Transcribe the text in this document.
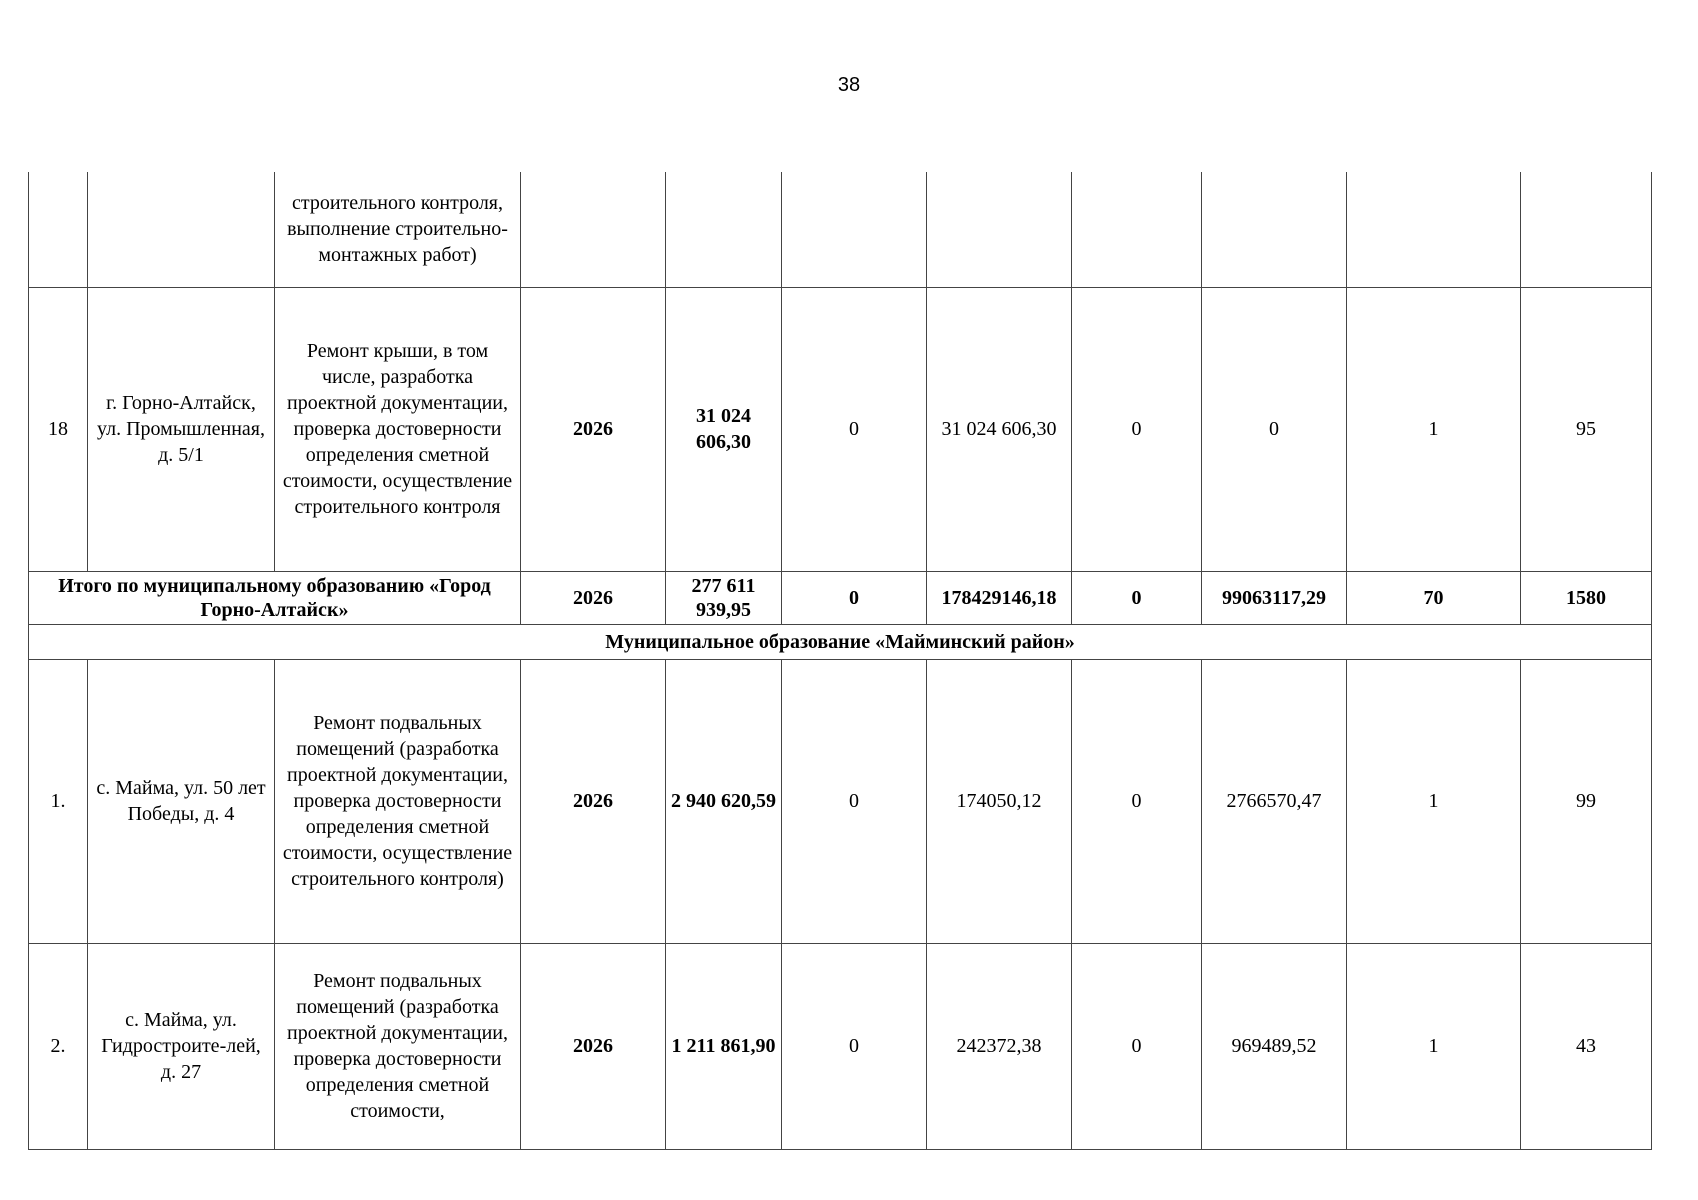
38
		строительного контроля, выполнение строительно-монтажных работ)								
18	г. Горно-Алтайск, ул. Промышленная, д. 5/1	Ремонт крыши, в том числе, разработка проектной документации, проверка достоверности определения сметной стоимости, осуществление строительного контроля	2026	31 024 606,30	0	31 024 606,30	0	0	1	95
Итого по муниципальному образованию «Город Горно-Алтайск»			2026	277 611 939,95	0	178429146,18	0	99063117,29	70	1580
Муниципальное образование «Майминский район»										
1.	с. Майма, ул. 50 лет Победы, д. 4	Ремонт подвальных помещений (разработка проектной документации, проверка достоверности определения сметной стоимости, осуществление строительного контроля)	2026	2 940 620,59	0	174050,12	0	2766570,47	1	99
2.	с. Майма, ул. Гидростроите-лей, д. 27	Ремонт подвальных помещений (разработка проектной документации, проверка достоверности определения сметной стоимости,	2026	1 211 861,90	0	242372,38	0	969489,52	1	43
